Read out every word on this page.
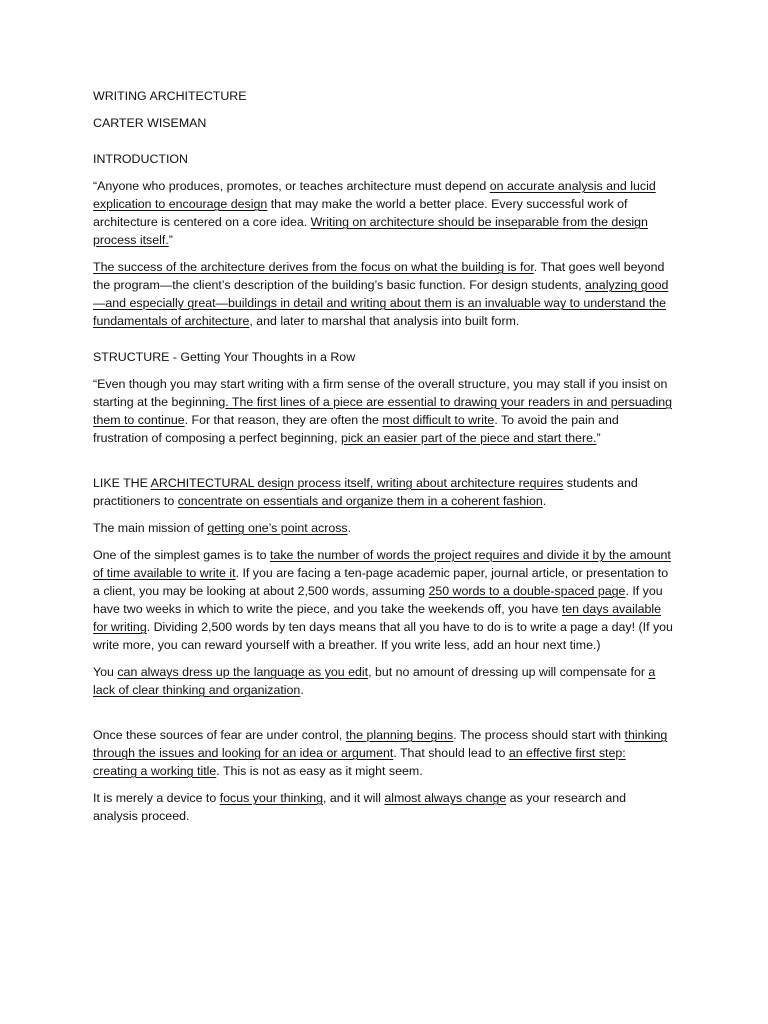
WRITING ARCHITECTURE

CARTER WISEMAN

INTRODUCTION

“Anyone who produces, promotes, or teaches architecture must depend on accurate analysis and lucid explication to encourage design that may make the world a better place. Every successful work of architecture is centered on a core idea. Writing on architecture should be inseparable from the design process itself.”

The success of the architecture derives from the focus on what the building is for. That goes well beyond the program—the client’s description of the building’s basic function. For design students, analyzing good—and especially great—buildings in detail and writing about them is an invaluable way to understand the fundamentals of architecture, and later to marshal that analysis into built form.

STRUCTURE - Getting Your Thoughts in a Row

“Even though you may start writing with a firm sense of the overall structure, you may stall if you insist on starting at the beginning. The first lines of a piece are essential to drawing your readers in and persuading them to continue. For that reason, they are often the most difficult to write. To avoid the pain and frustration of composing a perfect beginning, pick an easier part of the piece and start there.”

LIKE THE ARCHITECTURAL design process itself, writing about architecture requires students and practitioners to concentrate on essentials and organize them in a coherent fashion.

The main mission of getting one’s point across.

One of the simplest games is to take the number of words the project requires and divide it by the amount of time available to write it. If you are facing a ten-page academic paper, journal article, or presentation to a client, you may be looking at about 2,500 words, assuming 250 words to a double-spaced page. If you have two weeks in which to write the piece, and you take the weekends off, you have ten days available for writing. Dividing 2,500 words by ten days means that all you have to do is to write a page a day! (If you write more, you can reward yourself with a breather. If you write less, add an hour next time.)

You can always dress up the language as you edit, but no amount of dressing up will compensate for a lack of clear thinking and organization.

Once these sources of fear are under control, the planning begins. The process should start with thinking through the issues and looking for an idea or argument. That should lead to an effective first step: creating a working title. This is not as easy as it might seem.

It is merely a device to focus your thinking, and it will almost always change as your research and analysis proceed.
